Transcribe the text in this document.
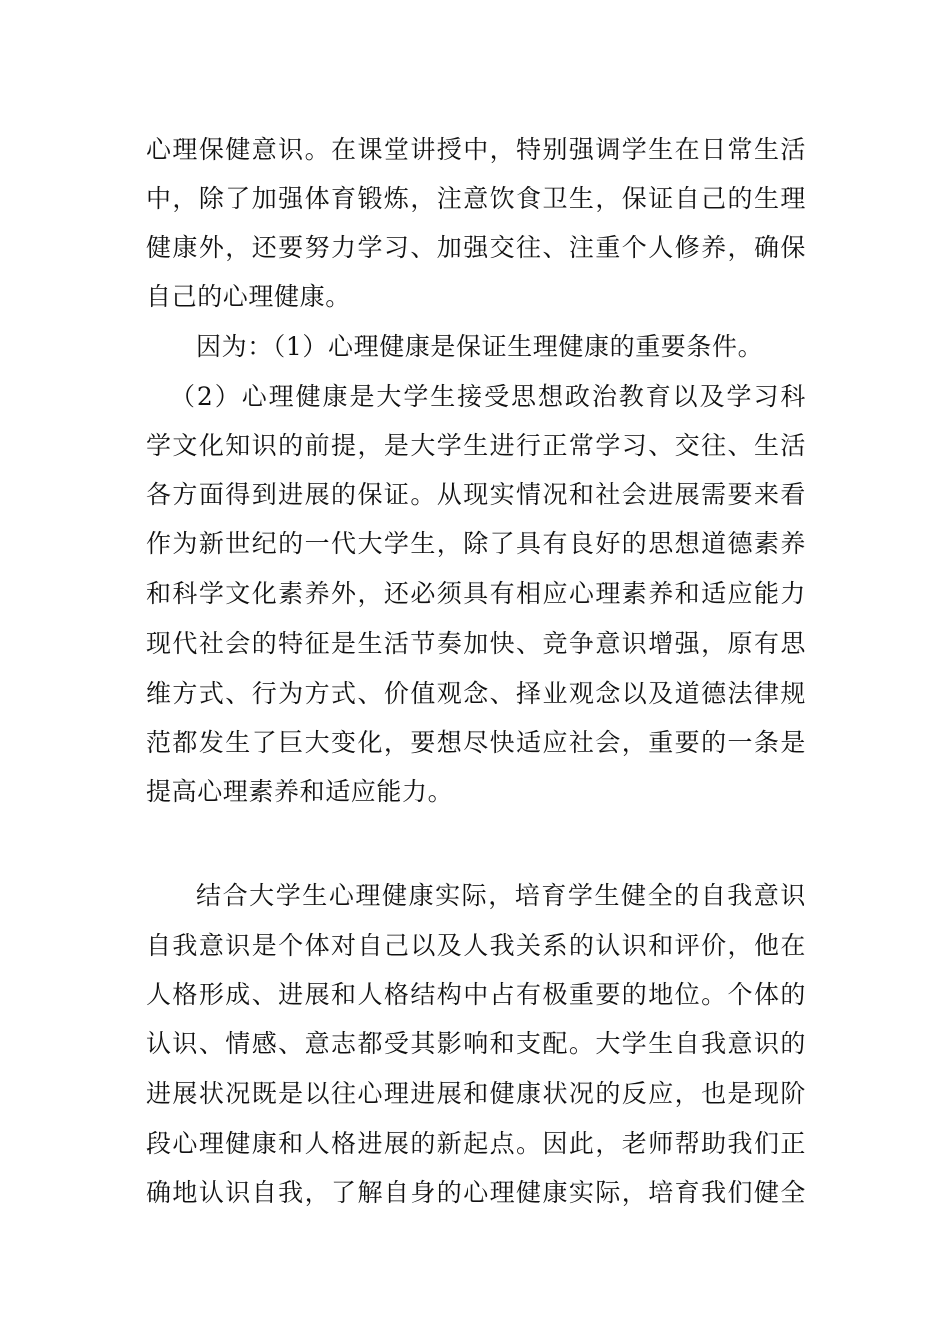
心理保健意识。在课堂讲授中，特别强调学生在日常生活
中，除了加强体育锻炼，注意饮食卫生，保证自己的生理
健康外，还要努力学习、加强交往、注重个人修养，确保
自己的心理健康。
因为：（1）心理健康是保证生理健康的重要条件。
（2）心理健康是大学生接受思想政治教育以及学习科
学文化知识的前提，是大学生进行正常学习、交往、生活
各方面得到进展的保证。从现实情况和社会进展需要来看
作为新世纪的一代大学生，除了具有良好的思想道德素养
和科学文化素养外，还必须具有相应心理素养和适应能力
现代社会的特征是生活节奏加快、竞争意识增强，原有思
维方式、行为方式、价值观念、择业观念以及道德法律规
范都发生了巨大变化，要想尽快适应社会，重要的一条是
提高心理素养和适应能力。
结合大学生心理健康实际，培育学生健全的自我意识
自我意识是个体对自己以及人我关系的认识和评价，他在
人格形成、进展和人格结构中占有极重要的地位。个体的
认识、情感、意志都受其影响和支配。大学生自我意识的
进展状况既是以往心理进展和健康状况的反应，也是现阶
段心理健康和人格进展的新起点。因此，老师帮助我们正
确地认识自我，了解自身的心理健康实际，培育我们健全
